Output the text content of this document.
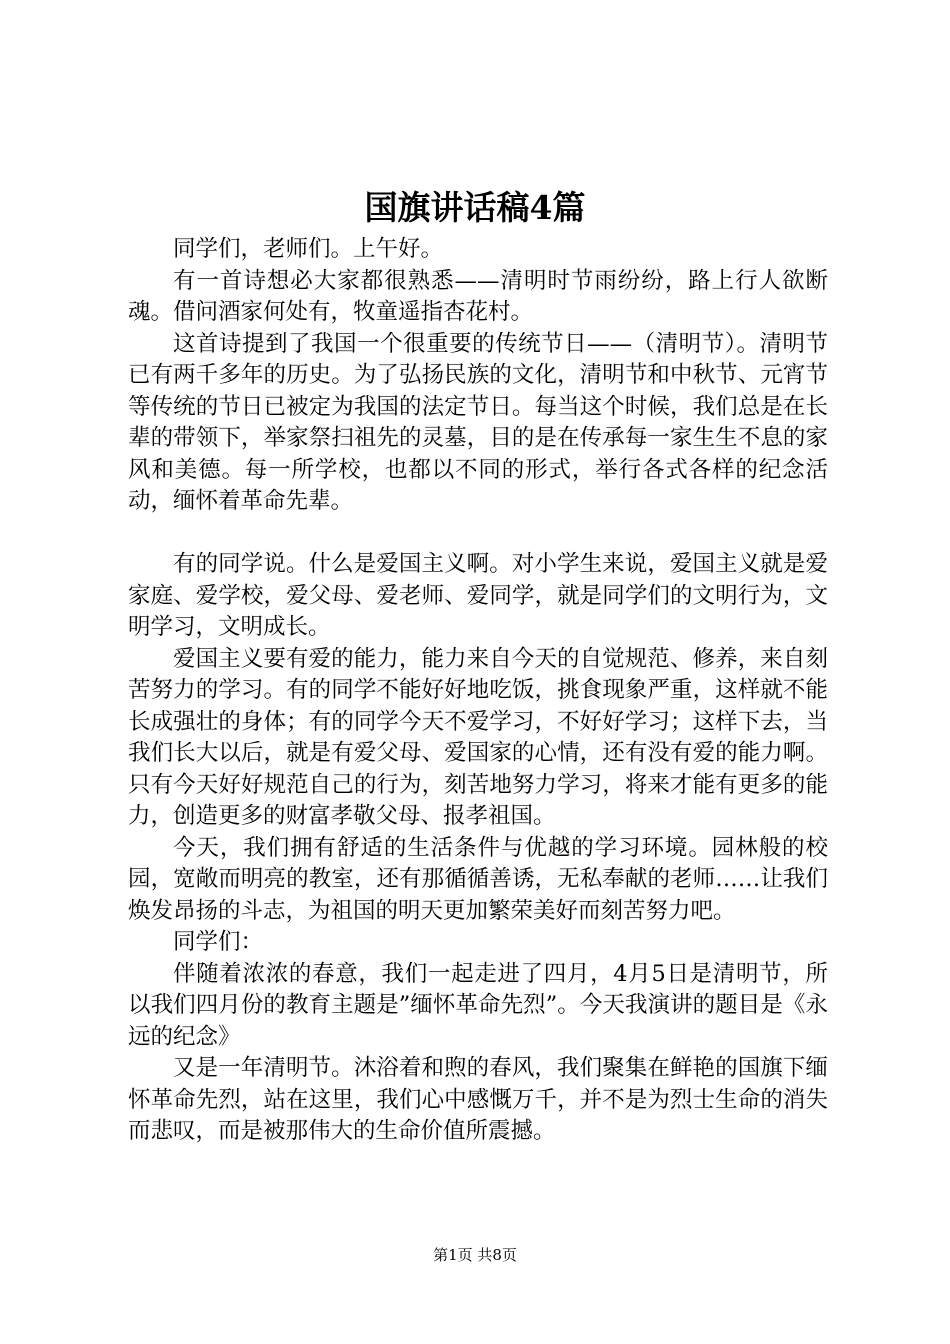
国旗讲话稿4篇

同学们，老师们。上午好。

有一首诗想必大家都很熟悉——清明时节雨纷纷，路上行人欲断魂。借问酒家何处有，牧童遥指杏花村。

这首诗提到了我国一个很重要的传统节日——（清明节）。清明节已有两千多年的历史。为了弘扬民族的文化，清明节和中秋节、元宵节等传统的节日已被定为我国的法定节日。每当这个时候，我们总是在长辈的带领下，举家祭扫祖先的灵墓，目的是在传承每一家生生不息的家风和美德。每一所学校，也都以不同的形式，举行各式各样的纪念活动，缅怀着革命先辈。

有的同学说。什么是爱国主义啊。对小学生来说，爱国主义就是爱家庭、爱学校，爱父母、爱老师、爱同学，就是同学们的文明行为，文明学习，文明成长。

爱国主义要有爱的能力，能力来自今天的自觉规范、修养，来自刻苦努力的学习。有的同学不能好好地吃饭，挑食现象严重，这样就不能长成强壮的身体；有的同学今天不爱学习，不好好学习；这样下去，当我们长大以后，就是有爱父母、爱国家的心情，还有没有爱的能力啊。只有今天好好规范自己的行为，刻苦地努力学习，将来才能有更多的能力，创造更多的财富孝敬父母、报孝祖国。

今天，我们拥有舒适的生活条件与优越的学习环境。园林般的校园，宽敞而明亮的教室，还有那循循善诱，无私奉献的老师……让我们焕发昂扬的斗志，为祖国的明天更加繁荣美好而刻苦努力吧。

同学们：

伴随着浓浓的春意，我们一起走进了四月，4月5日是清明节，所以我们四月份的教育主题是”缅怀革命先烈”。今天我演讲的题目是《永远的纪念》

又是一年清明节。沐浴着和煦的春风，我们聚集在鲜艳的国旗下缅怀革命先烈，站在这里，我们心中感慨万千，并不是为烈士生命的消失而悲叹，而是被那伟大的生命价值所震撼。

第1页 共8页
